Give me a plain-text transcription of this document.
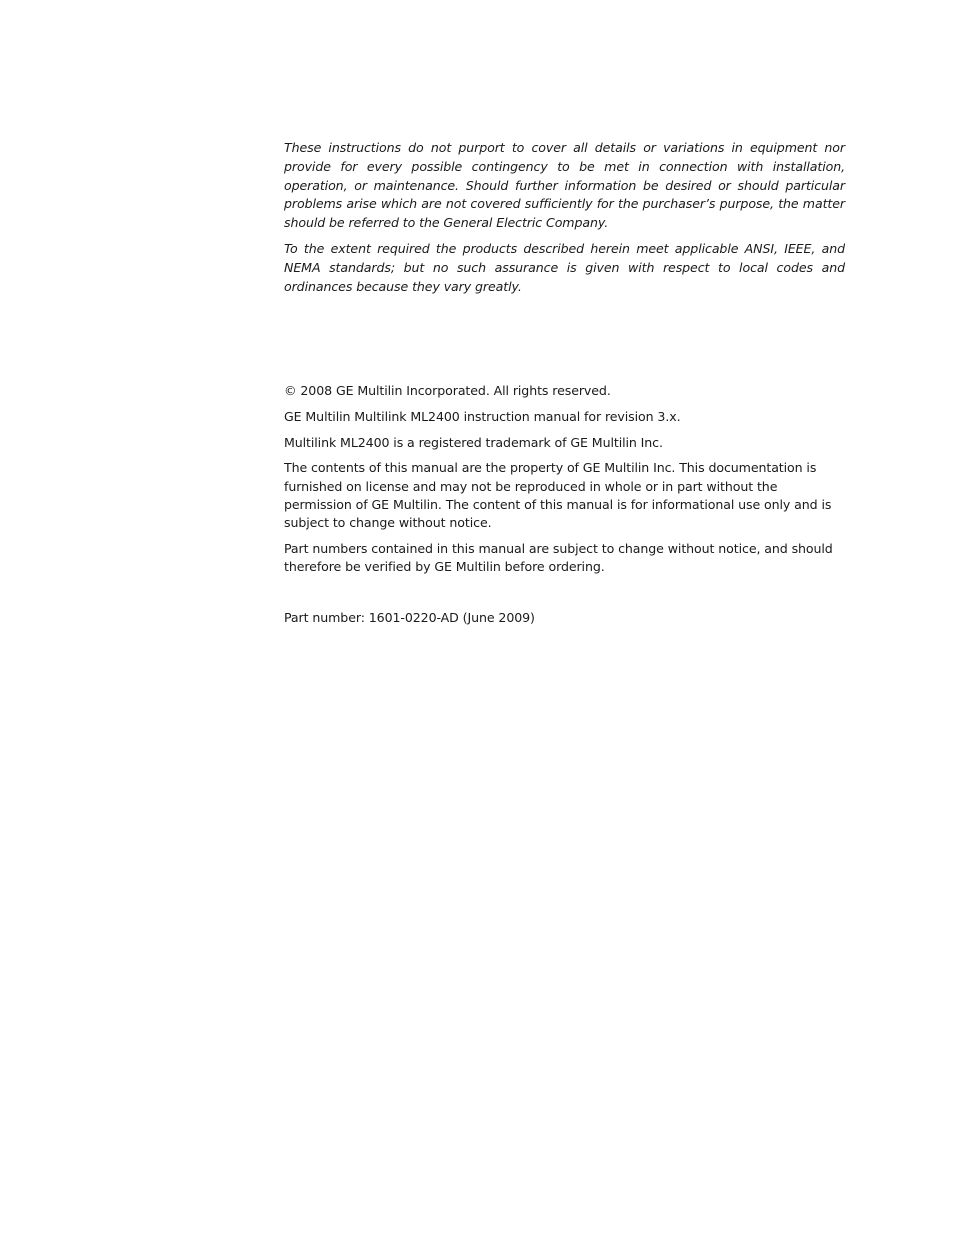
These instructions do not purport to cover all details or variations in equipment nor provide for every possible contingency to be met in connection with installation, operation, or maintenance. Should further information be desired or should particular problems arise which are not covered sufficiently for the purchaser’s purpose, the matter should be referred to the General Electric Company.

To the extent required the products described herein meet applicable ANSI, IEEE, and NEMA standards; but no such assurance is given with respect to local codes and ordinances because they vary greatly.

© 2008 GE Multilin Incorporated. All rights reserved.

GE Multilin Multilink ML2400 instruction manual for revision 3.x.

Multilink ML2400 is a registered trademark of GE Multilin Inc.

The contents of this manual are the property of GE Multilin Inc. This documentation is furnished on license and may not be reproduced in whole or in part without the permission of GE Multilin. The content of this manual is for informational use only and is subject to change without notice.

Part numbers contained in this manual are subject to change without notice, and should therefore be verified by GE Multilin before ordering.

Part number: 1601-0220-AD (June 2009)
